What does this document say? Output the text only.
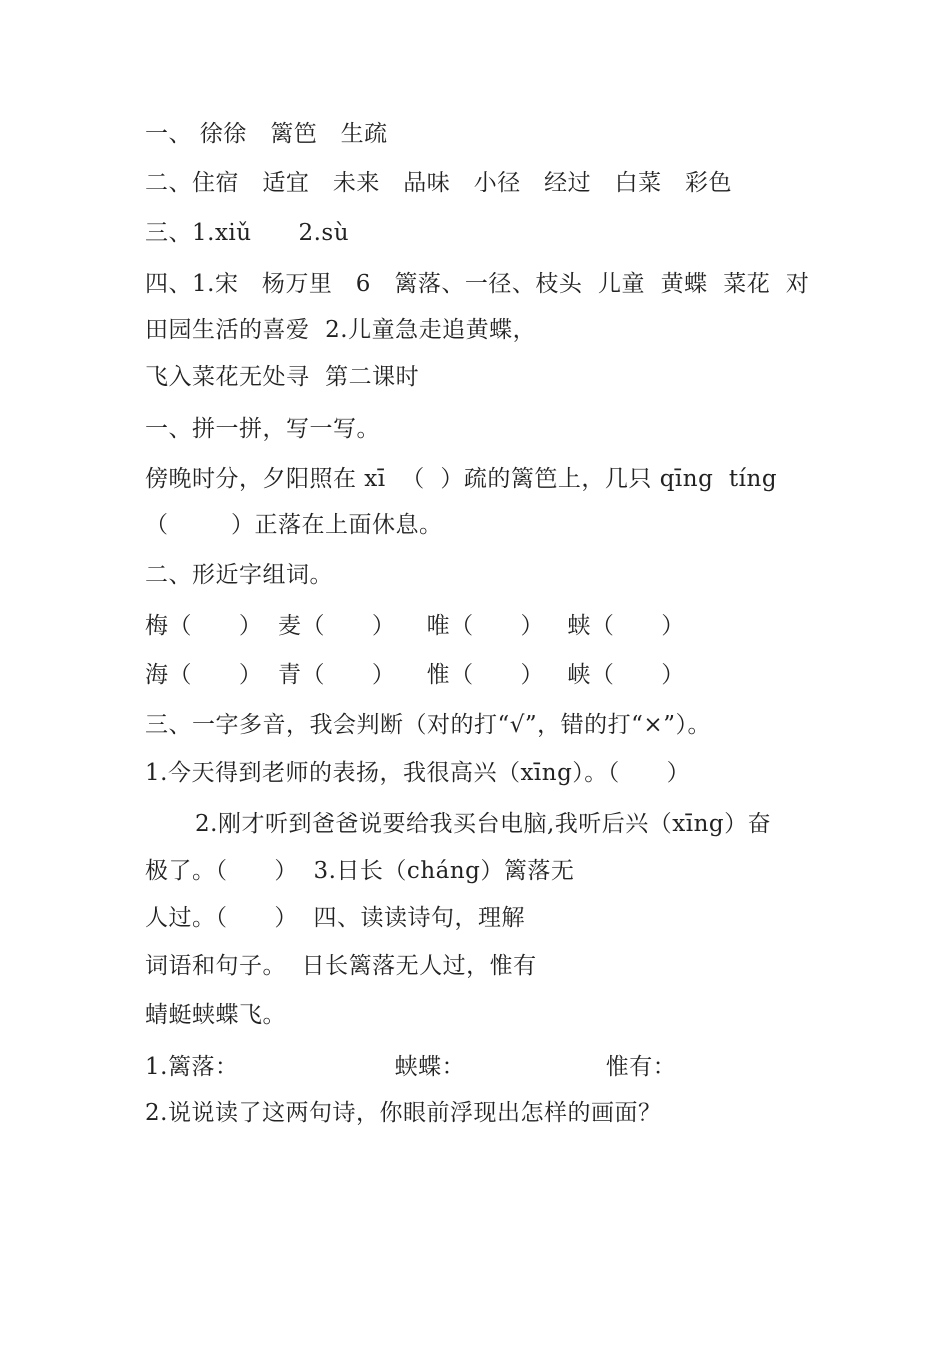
一、 徐徐   篱笆   生疏
二、住宿   适宜   未来   品味   小径   经过   白菜   彩色
三、1.xiǔ      2.sù
四、1.宋   杨万里   6   篱落、一径、枝头  儿童  黄蝶  菜花  对
田园生活的喜爱  2.儿童急走追黄蝶，
飞入菜花无处寻  第二课时
一、拼一拼，写一写。
傍晚时分，夕阳照在 xī  （  ）疏的篱笆上，几只 qīng  tíng
（        ）正落在上面休息。
二、形近字组词。
梅（      ）  麦（      ）    唯（      ）   蛱（      ）
海（      ）  青（      ）    惟（      ）   峡（      ）
三、一字多音，我会判断（对的打“√”，错的打“×”）。
1.今天得到老师的表扬，我很高兴（xīng）。（      ）
2.刚才听到爸爸说要给我买台电脑,我听后兴（xīng）奋
极了。（      ）  3.日长（cháng）篱落无
人过。（      ）  四、读读诗句，理解
词语和句子。  日长篱落无人过，惟有
蜻蜓蛱蝶飞。
1.篱落：                    蛱蝶：                  惟有：
2.说说读了这两句诗，你眼前浮现出怎样的画面？
